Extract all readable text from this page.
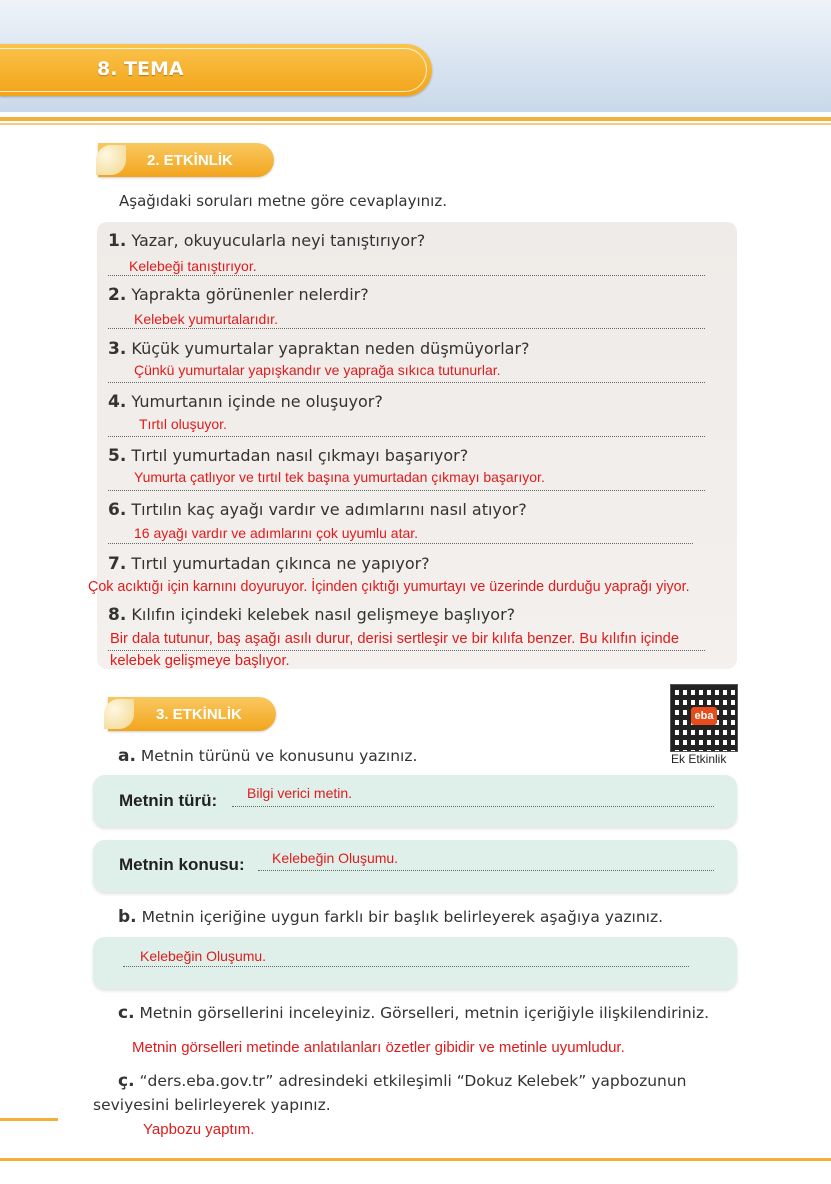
8. TEMA
2. ETKİNLİK
Aşağıdaki soruları metne göre cevaplayınız.
1. Yazar, okuyucularla neyi tanıştırıyor?
Kelebeği tanıştırıyor.
2. Yaprakta görünenler nelerdir?
Kelebek yumurtalarıdır.
3. Küçük yumurtalar yapraktan neden düşmüyorlar?
Çünkü yumurtalar yapışkandır ve yaprağa sıkıca tutunurlar.
4. Yumurtanın içinde ne oluşuyor?
Tırtıl oluşuyor.
5. Tırtıl yumurtadan nasıl çıkmayı başarıyor?
Yumurta çatlıyor ve tırtıl tek başına yumurtadan çıkmayı başarıyor.
6. Tırtılın kaç ayağı vardır ve adımlarını nasıl atıyor?
16 ayağı vardır ve adımlarını çok uyumlu atar.
7. Tırtıl yumurtadan çıkınca ne yapıyor?
Çok acıktığı için karnını doyuruyor. İçinden çıktığı yumurtayı ve üzerinde durduğu yaprağı yiyor.
8. Kılıfın içindeki kelebek nasıl gelişmeye başlıyor?
Bir dala tutunur, baş aşağı asılı durur, derisi sertleşir ve bir kılıfa benzer. Bu kılıfın içinde
kelebek gelişmeye başlıyor.
3. ETKİNLİK	eba
Ek Etkinlik
a. Metnin türünü ve konusunu yazınız.
Metnin türü: Bilgi verici metin.
Metnin konusu: Kelebeğin Oluşumu.
b. Metnin içeriğine uygun farklı bir başlık belirleyerek aşağıya yazınız.
Kelebeğin Oluşumu.
c. Metnin görsellerini inceleyiniz. Görselleri, metnin içeriğiyle ilişkilendiriniz.
Metnin görselleri metinde anlatılanları özetler gibidir ve metinle uyumludur.
ç. “ders.eba.gov.tr” adresindeki etkileşimli “Dokuz Kelebek” yapbozunun
seviyesini belirleyerek yapınız.
Yapbozu yaptım.
